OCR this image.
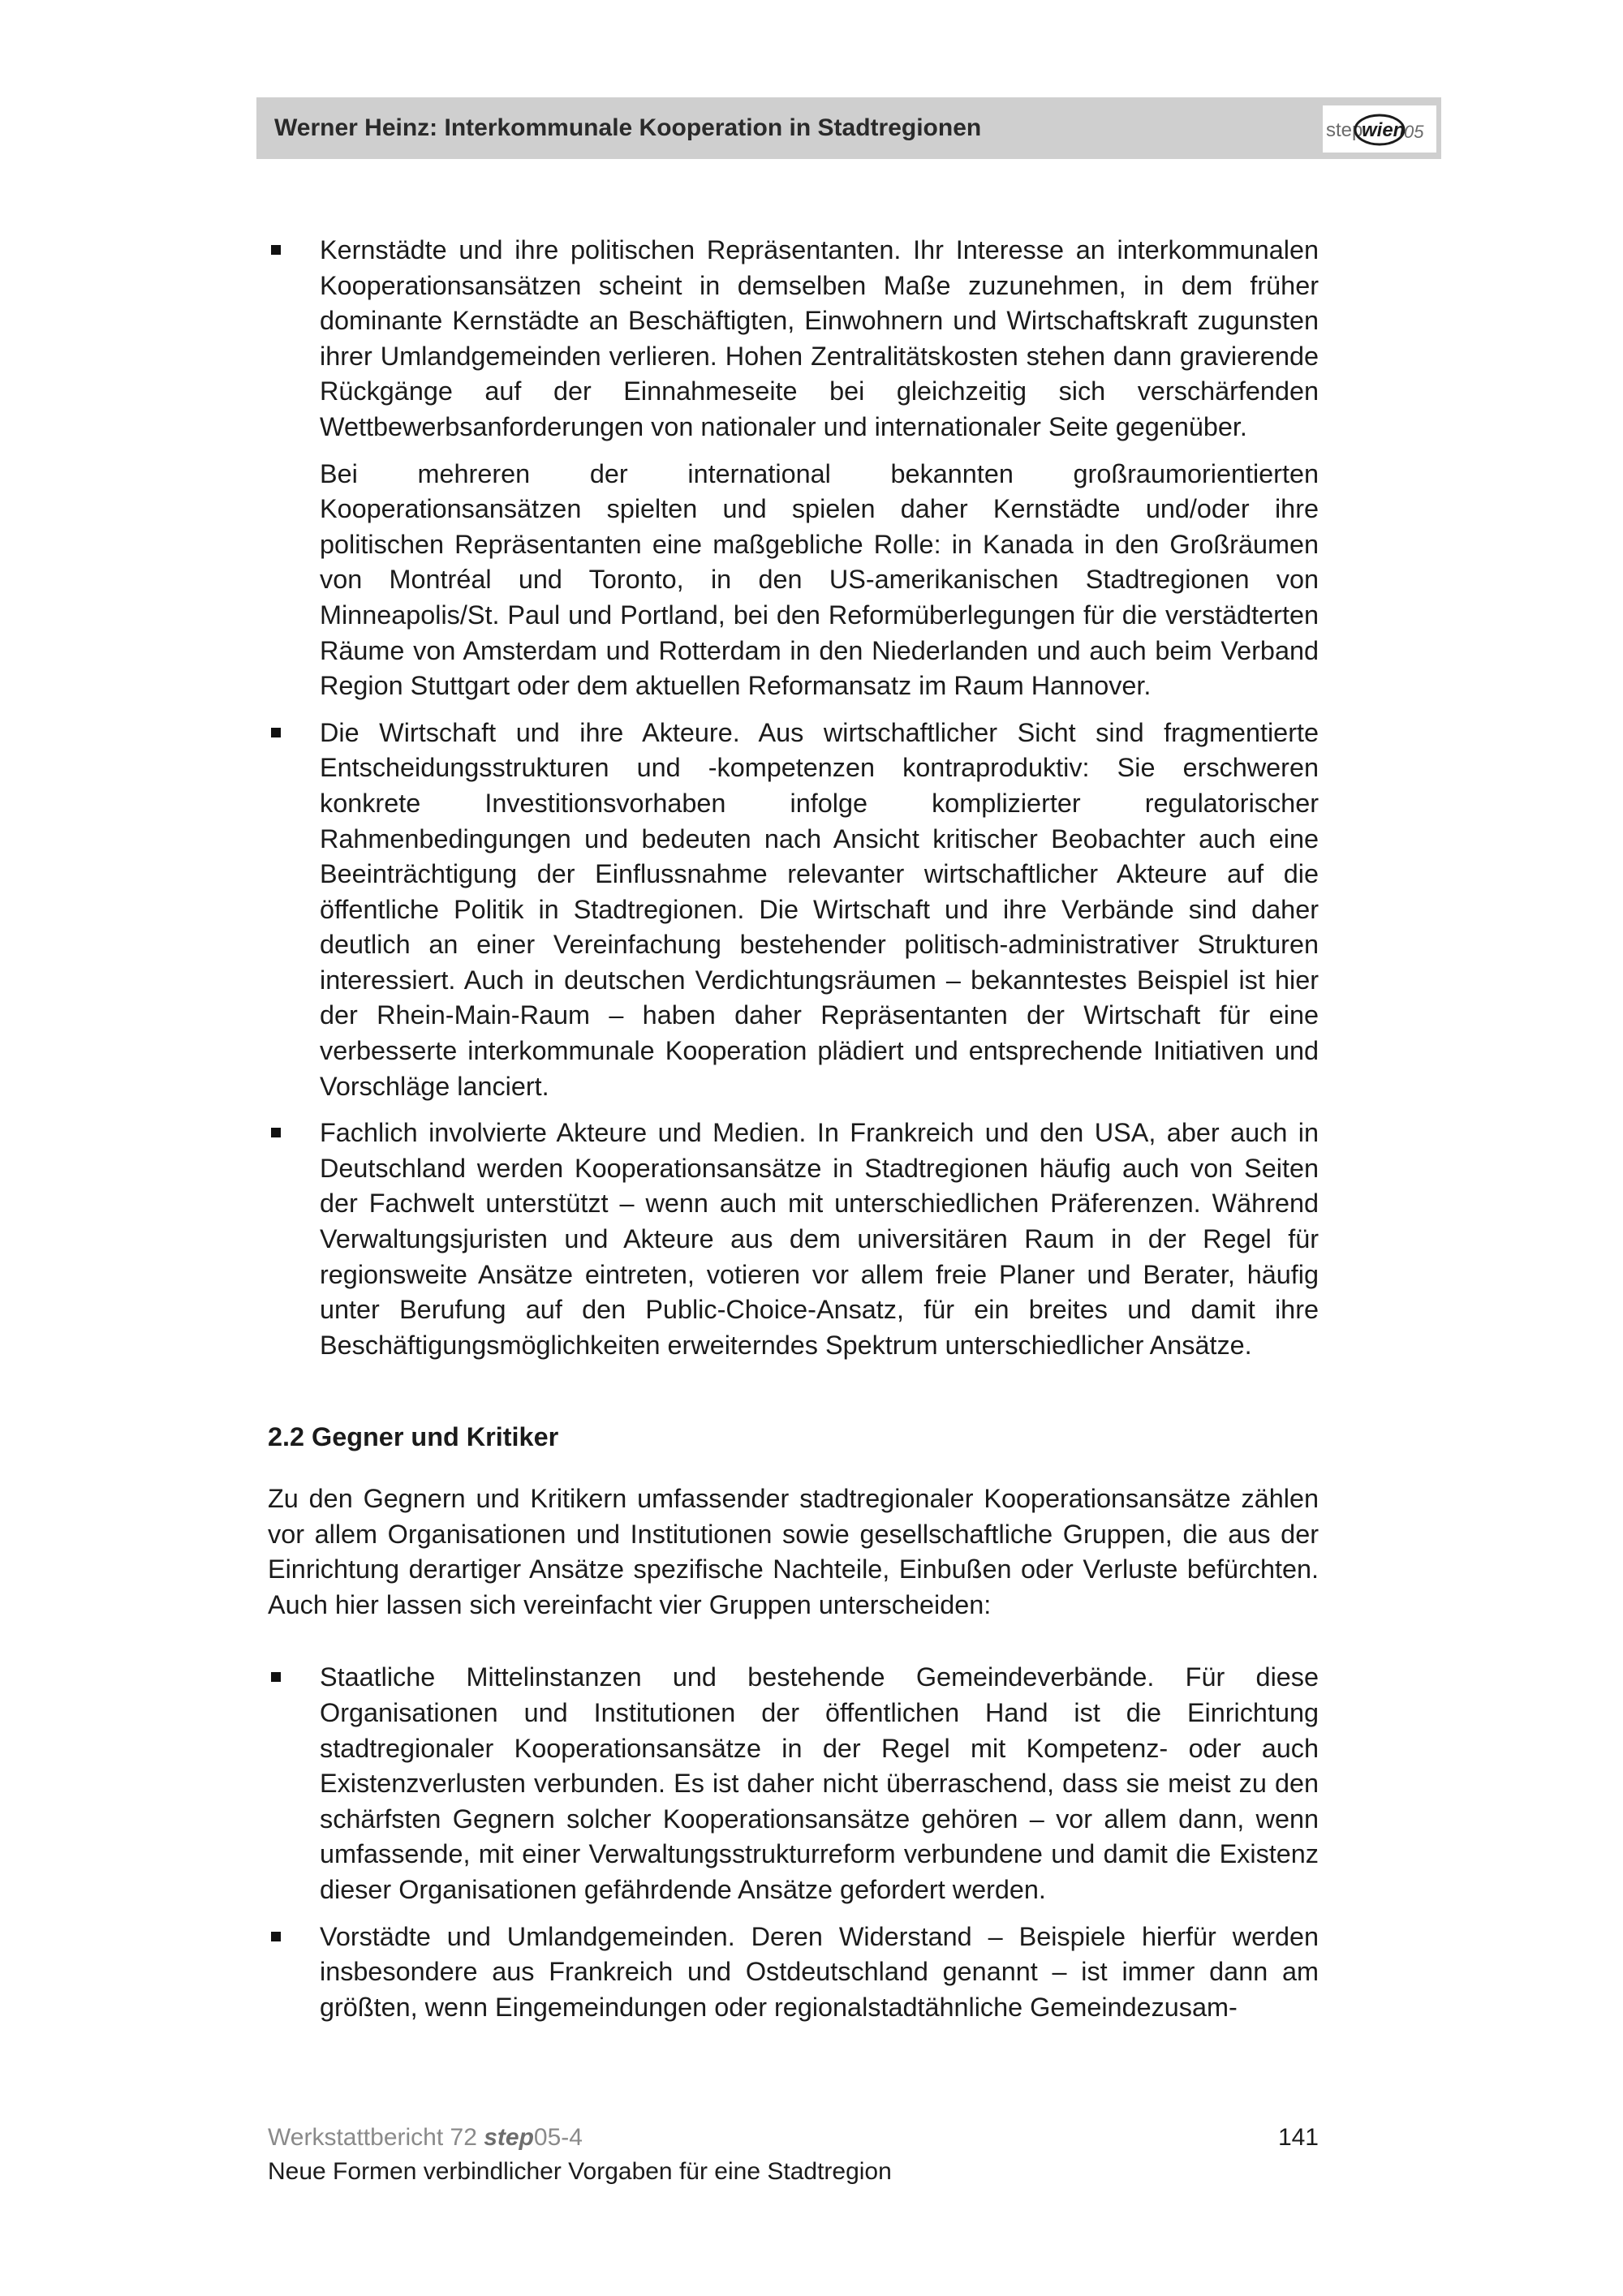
Werner Heinz: Interkommunale Kooperation in Stadtregionen	step
wien
05

Kernstädte und ihre politischen Repräsentanten. Ihr Interesse an interkommunalen Kooperationsansätzen scheint in demselben Maße zuzunehmen, in dem früher dominante Kernstädte an Beschäftigten, Einwohnern und Wirtschaftskraft zugunsten ihrer Umlandgemeinden verlieren. Hohen Zentralitätskosten stehen dann gravierende Rückgänge auf der Einnahmeseite bei gleichzeitig sich verschärfenden Wettbewerbsanforderungen von nationaler und internationaler Seite gegenüber.

Bei mehreren der international bekannten großraumorientierten Kooperationsansätzen spielten und spielen daher Kernstädte und/oder ihre politischen Repräsentanten eine maßgebliche Rolle: in Kanada in den Großräumen von Montréal und Toronto, in den US-amerikanischen Stadtregionen von Minneapolis/St. Paul und Portland, bei den Reformüberlegungen für die verstädterten Räume von Amsterdam und Rotterdam in den Niederlanden und auch beim Verband Region Stuttgart oder dem aktuellen Reformansatz im Raum Hannover.

Die Wirtschaft und ihre Akteure. Aus wirtschaftlicher Sicht sind fragmentierte Entscheidungsstrukturen und -kompetenzen kontraproduktiv: Sie erschweren konkrete Investitionsvorhaben infolge komplizierter regulatorischer Rahmenbedingungen und bedeuten nach Ansicht kritischer Beobachter auch eine Beeinträchtigung der Einflussnahme relevanter wirtschaftlicher Akteure auf die öffentliche Politik in Stadtregionen. Die Wirtschaft und ihre Verbände sind daher deutlich an einer Vereinfachung bestehender politisch-administrativer Strukturen interessiert. Auch in deutschen Verdichtungsräumen – bekanntestes Beispiel ist hier der Rhein-Main-Raum – haben daher Repräsentanten der Wirtschaft für eine verbesserte interkommunale Kooperation plädiert und entsprechende Initiativen und Vorschläge lanciert.

Fachlich involvierte Akteure und Medien. In Frankreich und den USA, aber auch in Deutschland werden Kooperationsansätze in Stadtregionen häufig auch von Seiten der Fachwelt unterstützt – wenn auch mit unterschiedlichen Präferenzen. Während Verwaltungsjuristen und Akteure aus dem universitären Raum in der Regel für regionsweite Ansätze eintreten, votieren vor allem freie Planer und Berater, häufig unter Berufung auf den Public-Choice-Ansatz, für ein breites und damit ihre Beschäftigungsmöglichkeiten erweiterndes Spektrum unterschiedlicher Ansätze.

2.2 Gegner und Kritiker

Zu den Gegnern und Kritikern umfassender stadtregionaler Kooperationsansätze zählen vor allem Organisationen und Institutionen sowie gesellschaftliche Gruppen, die aus der Einrichtung derartiger Ansätze spezifische Nachteile, Einbußen oder Verluste befürchten. Auch hier lassen sich vereinfacht vier Gruppen unterscheiden:

Staatliche Mittelinstanzen und bestehende Gemeindeverbände. Für diese Organisationen und Institutionen der öffentlichen Hand ist die Einrichtung stadtregionaler Kooperationsansätze in der Regel mit Kompetenz- oder auch Existenzverlusten verbunden. Es ist daher nicht überraschend, dass sie meist zu den schärfsten Gegnern solcher Kooperationsansätze gehören – vor allem dann, wenn umfassende, mit einer Verwaltungsstrukturreform verbundene und damit die Existenz dieser Organisationen gefährdende Ansätze gefordert werden.

Vorstädte und Umlandgemeinden. Deren Widerstand – Beispiele hierfür werden insbesondere aus Frankreich und Ostdeutschland genannt – ist immer dann am größten, wenn Eingemeindungen oder regionalstadtähnliche Gemeindezusam-

Werkstattbericht 72 step05-4	141
Neue Formen verbindlicher Vorgaben für eine Stadtregion
